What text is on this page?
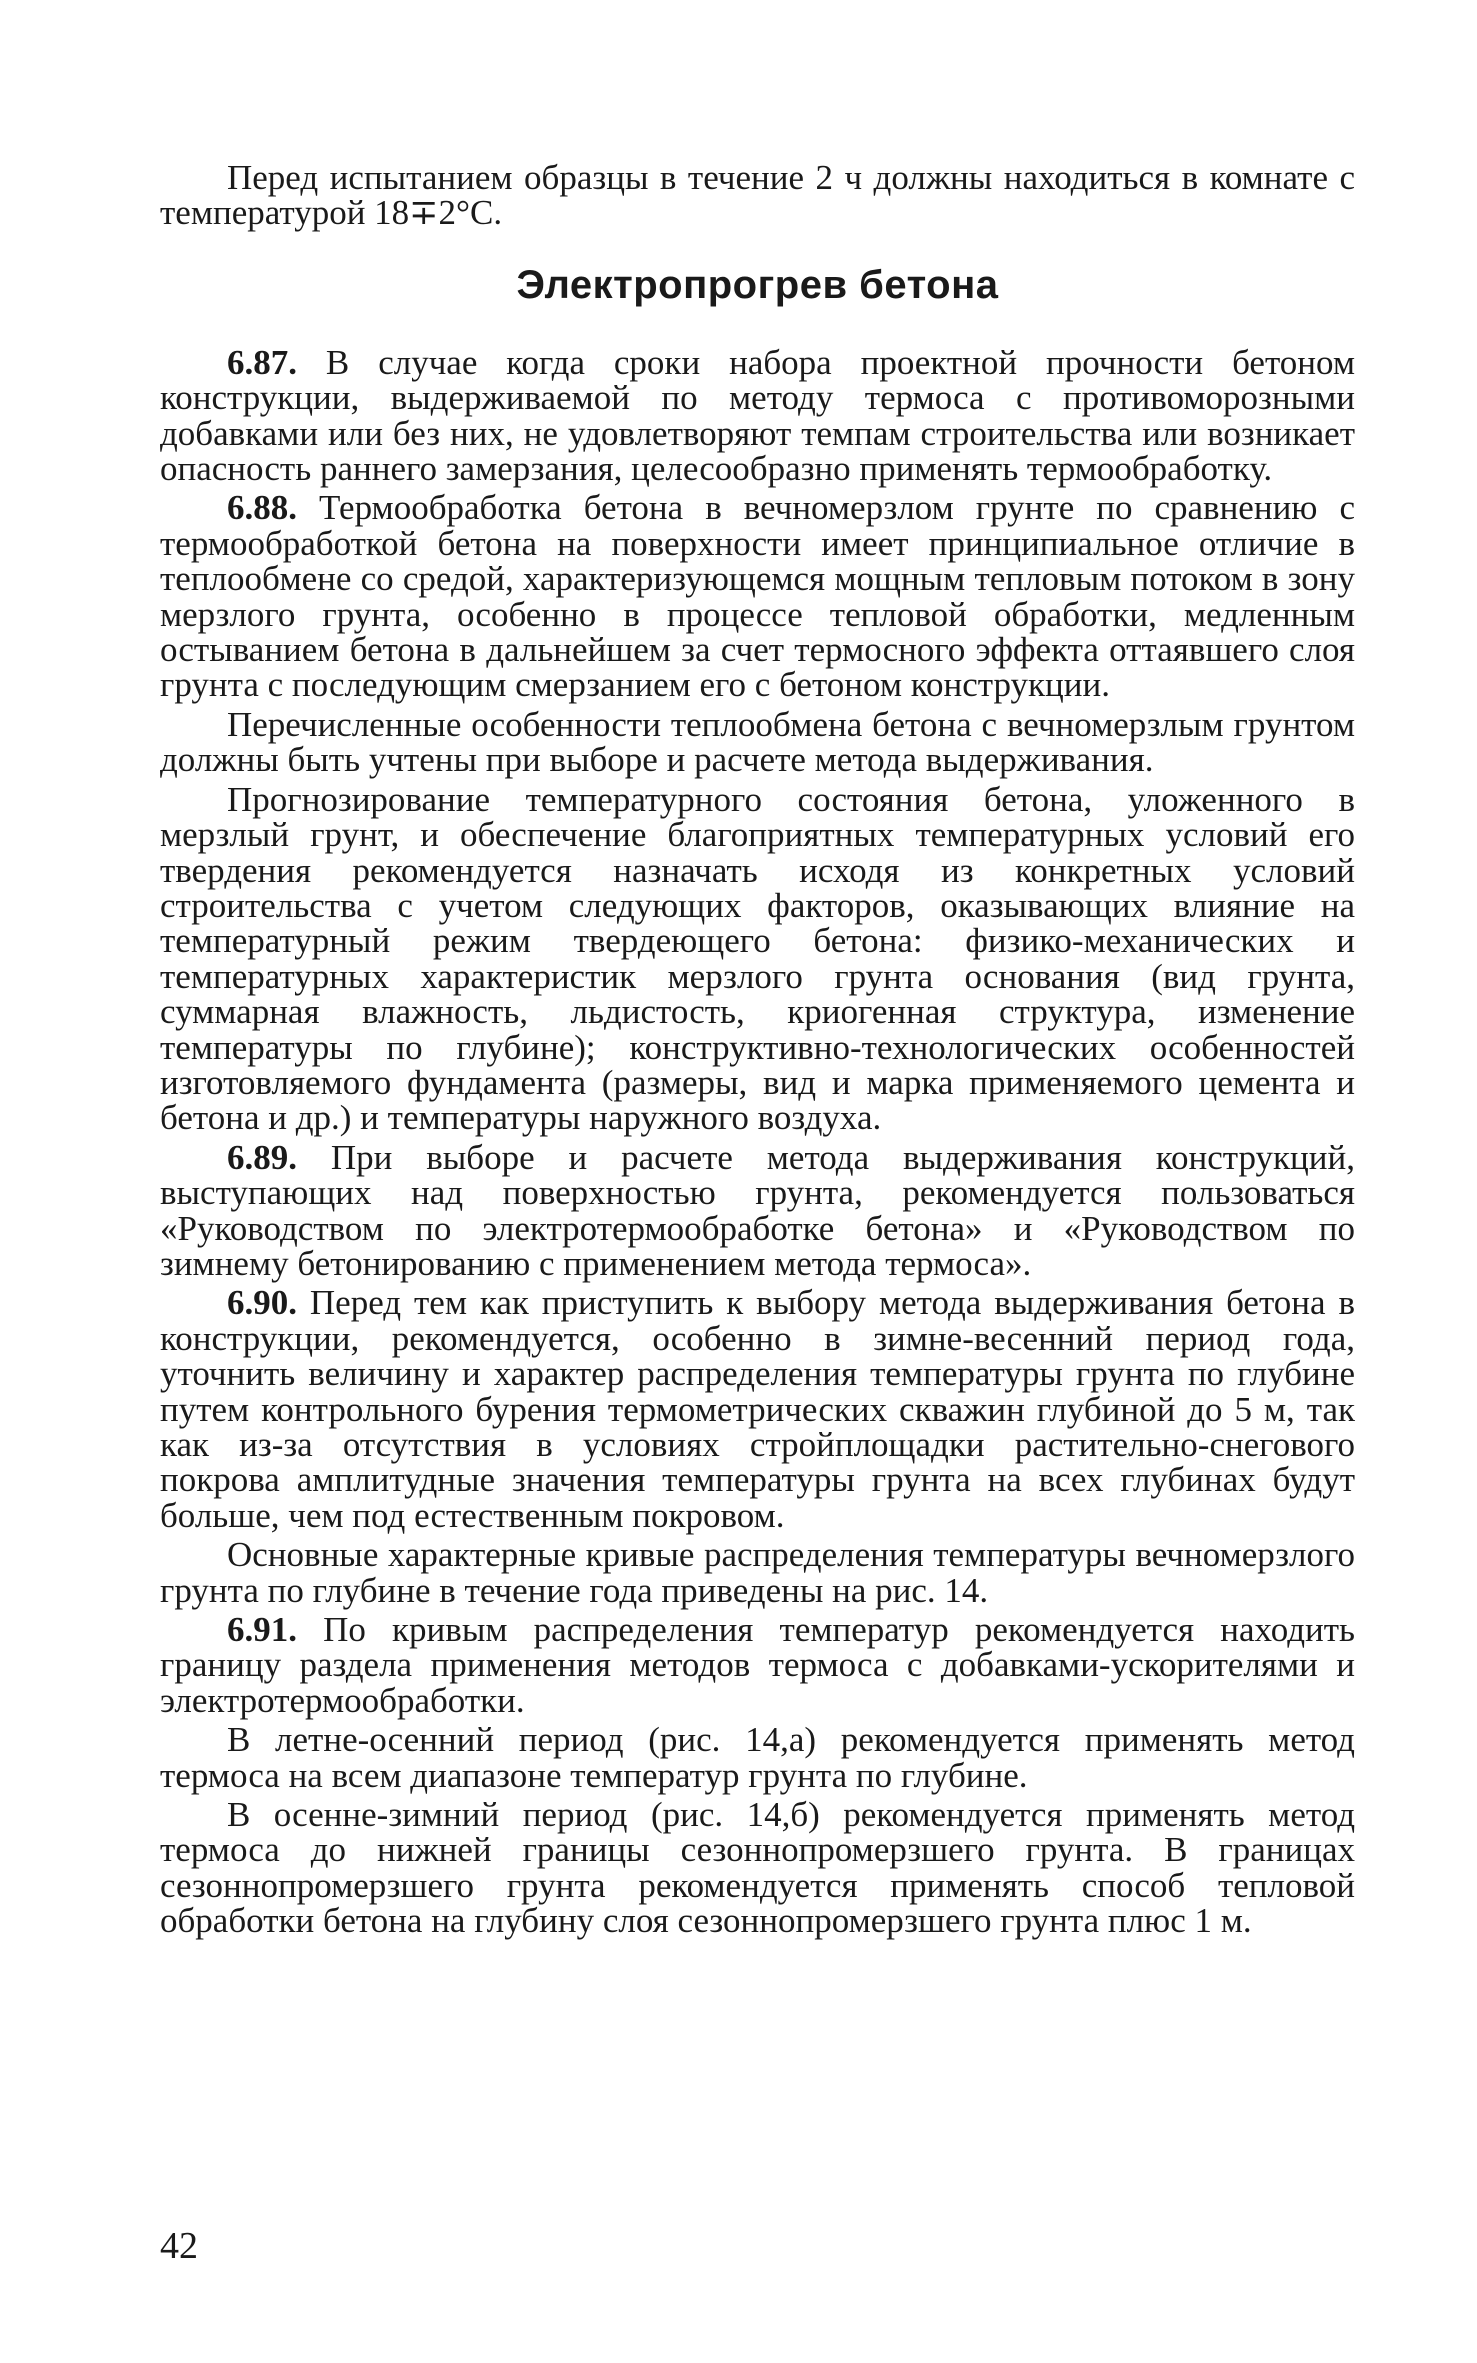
Перед испытанием образцы в течение 2 ч должны находиться в комнате с температурой 18∓2°C.

Электропрогрев бетона

6.87. В случае когда сроки набора проектной прочности бетоном конструкции, выдерживаемой по методу термоса с противоморозными добавками или без них, не удовлетворяют темпам строительства или возникает опасность раннего замерзания, целесообразно применять термообработку.

6.88. Термообработка бетона в вечномерзлом грунте по сравнению с термообработкой бетона на поверхности имеет принципиальное отличие в теплообмене со средой, характеризующемся мощным тепловым потоком в зону мерзлого грунта, особенно в процессе тепловой обработки, медленным остыванием бетона в дальнейшем за счет термосного эффекта оттаявшего слоя грунта с последующим смерзанием его с бетоном конструкции.

Перечисленные особенности теплообмена бетона с вечномерзлым грунтом должны быть учтены при выборе и расчете метода выдерживания.

Прогнозирование температурного состояния бетона, уложенного в мерзлый грунт, и обеспечение благоприятных температурных условий его твердения рекомендуется назначать исходя из конкретных условий строительства с учетом следующих факторов, оказывающих влияние на температурный режим твердеющего бетона: физико-механических и температурных характеристик мерзлого грунта основания (вид грунта, суммарная влажность, льдистость, криогенная структура, изменение температуры по глубине); конструктивно-технологических особенностей изготовляемого фундамента (размеры, вид и марка применяемого цемента и бетона и др.) и температуры наружного воздуха.

6.89. При выборе и расчете метода выдерживания конструкций, выступающих над поверхностью грунта, рекомендуется пользоваться «Руководством по электротермообработке бетона» и «Руководством по зимнему бетонированию с применением метода термоса».

6.90. Перед тем как приступить к выбору метода выдерживания бетона в конструкции, рекомендуется, особенно в зимне-весенний период года, уточнить величину и характер распределения температуры грунта по глубине путем контрольного бурения термометрических скважин глубиной до 5 м, так как из-за отсутствия в условиях стройплощадки растительно-снегового покрова амплитудные значения температуры грунта на всех глубинах будут больше, чем под естественным покровом.

Основные характерные кривые распределения температуры вечномерзлого грунта по глубине в течение года приведены на рис. 14.

6.91. По кривым распределения температур рекомендуется находить границу раздела применения методов термоса с добавками-ускорителями и электротермообработки.

В летне-осенний период (рис. 14,а) рекомендуется применять метод термоса на всем диапазоне температур грунта по глубине.

В осенне-зимний период (рис. 14,б) рекомендуется применять метод термоса до нижней границы сезоннопромерзшего грунта. В границах сезоннопромерзшего грунта рекомендуется применять способ тепловой обработки бетона на глубину слоя сезоннопромерзшего грунта плюс 1 м.

42
